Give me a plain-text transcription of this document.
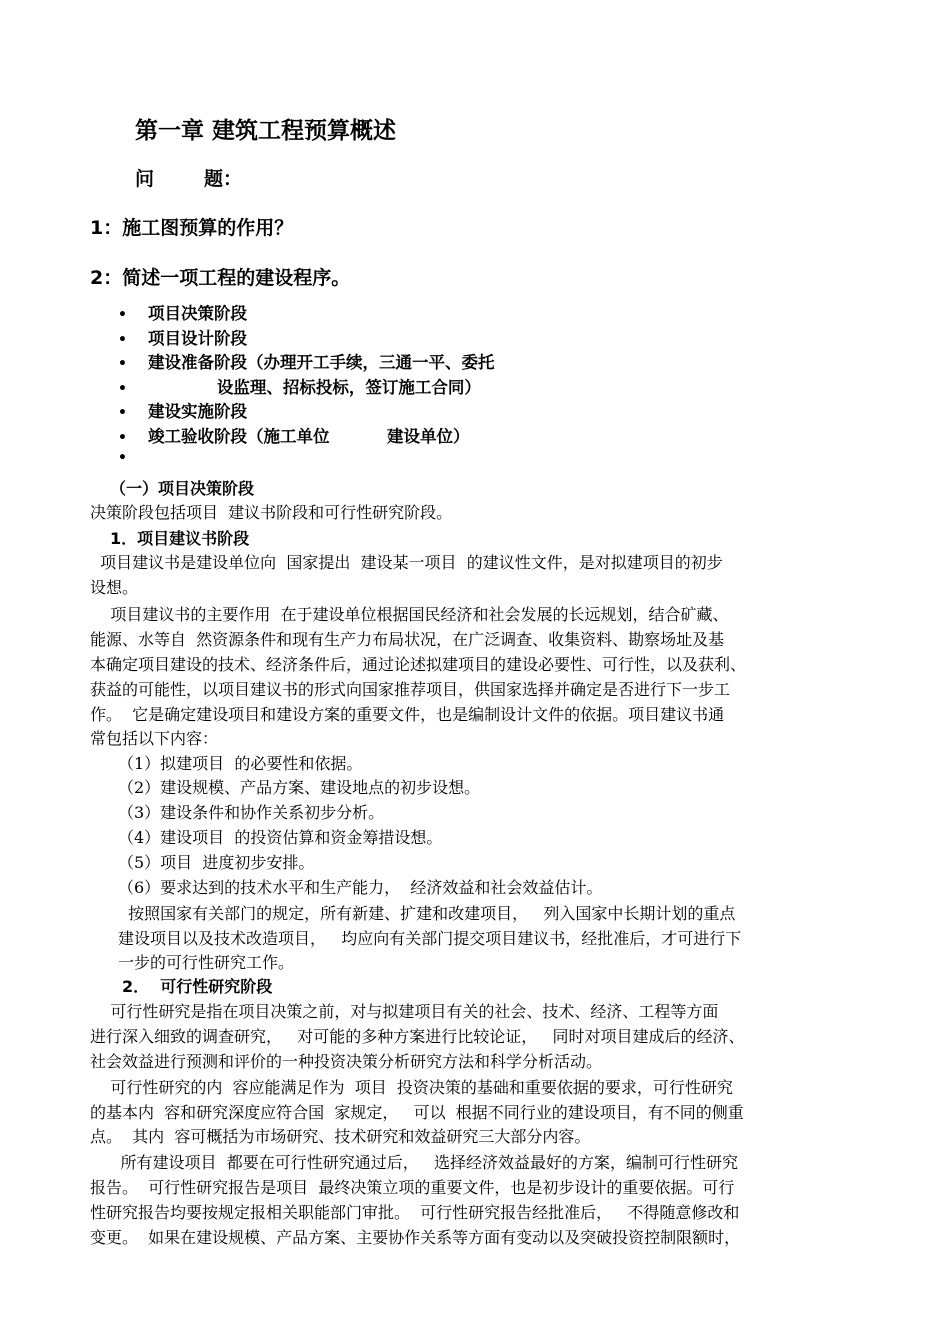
第一章 建筑工程预算概述
问	题：
1：施工图预算的作用？
2：简述一项工程的建设程序。
• 项目决策阶段
• 项目设计阶段
• 建设准备阶段（办理开工手续，三通一平、委托
•            设监理、招标投标，签订施工合同）
• 建设实施阶段
• 竣工验收阶段（施工单位          建设单位）
•
（一）项目决策阶段
决策阶段包括项目  建议书阶段和可行性研究阶段。
1．项目建议书阶段
项目建议书是建设单位向  国家提出  建设某一项目  的建议性文件，是对拟建项目的初步
设想。
项目建议书的主要作用  在于建设单位根据国民经济和社会发展的长远规划，结合矿藏、
能源、水等自  然资源条件和现有生产力布局状况，在广泛调查、收集资料、勘察场址及基
本确定项目建设的技术、经济条件后，通过论述拟建项目的建设必要性、可行性，以及获利、
获益的可能性，以项目建议书的形式向国家推荐项目，供国家选择并确定是否进行下一步工
作。  它是确定建设项目和建设方案的重要文件，也是编制设计文件的依据。项目建议书通
常包括以下内容：
（1）拟建项目  的必要性和依据。
（2）建设规模、产品方案、建设地点的初步设想。
（3）建设条件和协作关系初步分析。
（4）建设项目  的投资估算和资金筹措设想。
（5）项目  进度初步安排。
（6）要求达到的技术水平和生产能力，  经济效益和社会效益估计。
按照国家有关部门的规定，所有新建、扩建和改建项目，   列入国家中长期计划的重点
建设项目以及技术改造项目，   均应向有关部门提交项目建议书，经批准后，才可进行下
一步的可行性研究工作。
2．  可行性研究阶段
可行性研究是指在项目决策之前，对与拟建项目有关的社会、技术、经济、工程等方面
进行深入细致的调查研究，   对可能的多种方案进行比较论证，   同时对项目建成后的经济、
社会效益进行预测和评价的一种投资决策分析研究方法和科学分析活动。
可行性研究的内  容应能满足作为  项目  投资决策的基础和重要依据的要求，可行性研究
的基本内  容和研究深度应符合国  家规定，   可以  根据不同行业的建设项目，有不同的侧重
点。  其内  容可概括为市场研究、技术研究和效益研究三大部分内容。
所有建设项目  都要在可行性研究通过后，   选择经济效益最好的方案，编制可行性研究
报告。  可行性研究报告是项目  最终决策立项的重要文件，也是初步设计的重要依据。可行
性研究报告均要按规定报相关职能部门审批。  可行性研究报告经批准后，   不得随意修改和
变更。  如果在建设规模、产品方案、主要协作关系等方面有变动以及突破投资控制限额时，
